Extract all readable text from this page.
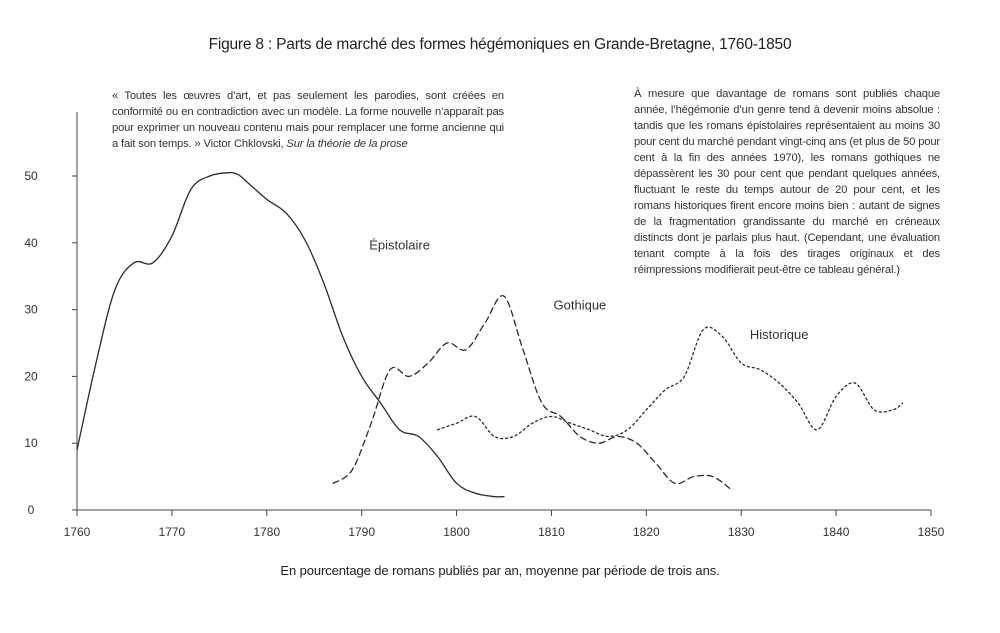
Figure 8 : Parts de marché des formes hégémoniques en Grande-Bretagne, 1760-1850
« Toutes les œuvres d’art, et pas seulement les parodies, sont créées en conformité ou en contradiction avec un modèle. La forme nouvelle n’apparaît pas pour exprimer un nouveau contenu mais pour remplacer une forme ancienne qui a fait son temps. » Victor Chklovski, Sur la théorie de la prose
À mesure que davantage de romans sont publiés chaque année, l’hégémonie d’un genre tend à devenir moins absolue : tandis que les romans épistolaires représentaient au moins 30 pour cent du marché pendant vingt-cinq ans (et plus de 50 pour cent à la fin des années 1970), les romans gothiques ne dépassèrent les 30 pour cent que pendant quelques années, fluctuant le reste du temps autour de 20 pour cent, et les romans historiques firent encore moins bien : autant de signes de la fragmentation grandissante du marché en créneaux distincts dont je parlais plus haut. (Cependant, une évaluation tenant compte à la fois des tirages originaux et des réimpressions modifierait peut-être ce tableau général.)
1760	1770	1780	1790	1800	1810	1820	1830	1840	1850
0
10
20
30
40
50
Épistolaire
Gothique
Historique
En pourcentage de romans publiés par an, moyenne par période de trois ans.
